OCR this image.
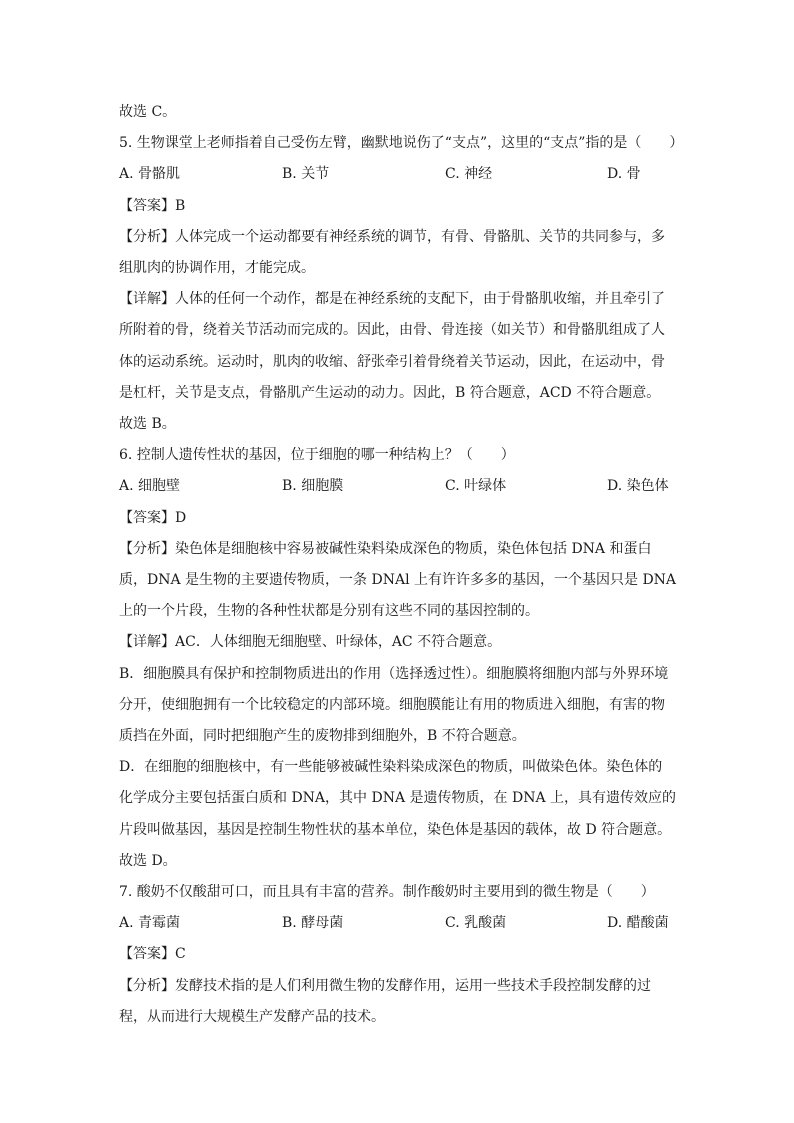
故选 C。
5. 生物课堂上老师指着自己受伤左臂，幽默地说伤了“支点”，这里的“支点”指的是（　　）
A. 骨骼肌	B. 关节	C. 神经	D. 骨
【答案】B
【分析】人体完成一个运动都要有神经系统的调节，有骨、骨骼肌、关节的共同参与，多
组肌肉的协调作用，才能完成。
【详解】人体的任何一个动作，都是在神经系统的支配下，由于骨骼肌收缩，并且牵引了
所附着的骨，绕着关节活动而完成的。因此，由骨、骨连接（如关节）和骨骼肌组成了人
体的运动系统。运动时，肌肉的收缩、舒张牵引着骨绕着关节运动，因此，在运动中，骨
是杠杆，关节是支点，骨骼肌产生运动的动力。因此，B 符合题意，ACD 不符合题意。
故选 B。
6. 控制人遗传性状的基因，位于细胞的哪一种结构上？（　　）
A. 细胞壁	B. 细胞膜	C. 叶绿体	D. 染色体
【答案】D
【分析】染色体是细胞核中容易被碱性染料染成深色的物质，染色体包括 DNA 和蛋白
质，DNA 是生物的主要遗传物质，一条 DNAl 上有许许多多的基因，一个基因只是 DNA
上的一个片段，生物的各种性状都是分别有这些不同的基因控制的。
【详解】AC．人体细胞无细胞壁、叶绿体，AC 不符合题意。
B．细胞膜具有保护和控制物质进出的作用（选择透过性）。细胞膜将细胞内部与外界环境
分开，使细胞拥有一个比较稳定的内部环境。细胞膜能让有用的物质进入细胞，有害的物
质挡在外面，同时把细胞产生的废物排到细胞外，B 不符合题意。
D．在细胞的细胞核中，有一些能够被碱性染料染成深色的物质，叫做染色体。染色体的
化学成分主要包括蛋白质和 DNA，其中 DNA 是遗传物质，在 DNA 上，具有遗传效应的
片段叫做基因，基因是控制生物性状的基本单位，染色体是基因的载体，故 D 符合题意。
故选 D。
7. 酸奶不仅酸甜可口，而且具有丰富的营养。制作酸奶时主要用到的微生物是（　　）
A. 青霉菌	B. 酵母菌	C. 乳酸菌	D. 醋酸菌
【答案】C
【分析】发酵技术指的是人们利用微生物的发酵作用，运用一些技术手段控制发酵的过
程，从而进行大规模生产发酵产品的技术。
